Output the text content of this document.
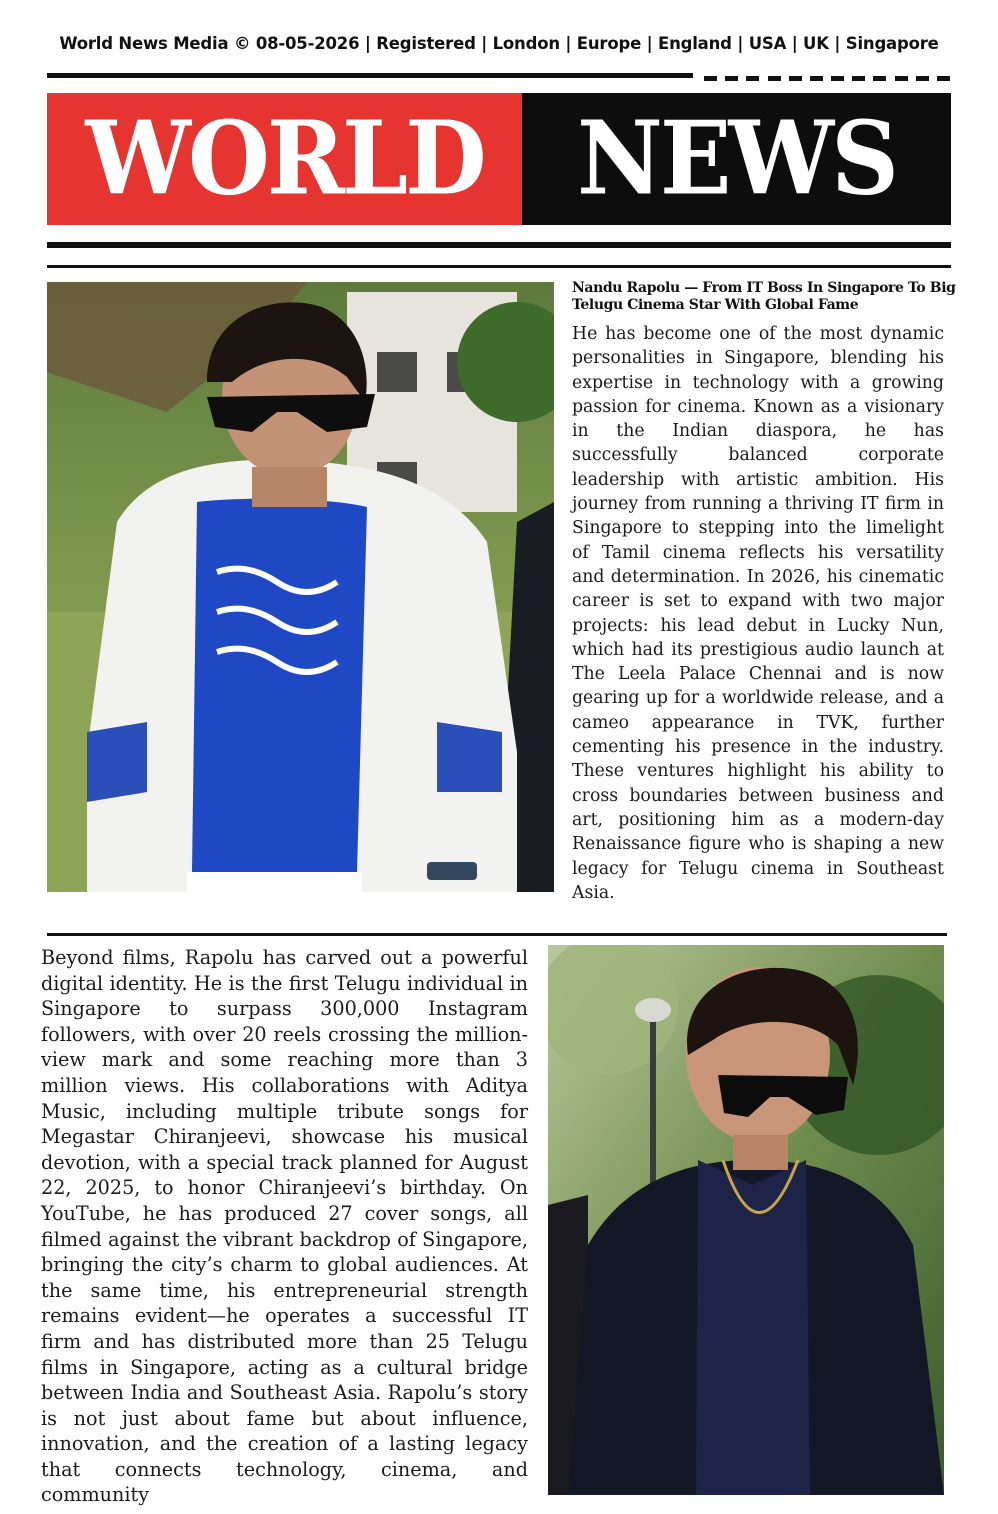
World News Media © 08-05-2026 | Registered | London | Europe | England | USA | UK | Singapore
WORLD NEWS
Nandu Rapolu — From IT Boss In Singapore To Big Telugu Cinema Star With Global Fame
He has become one of the most dynamic personalities in Singapore, blending his expertise in technology with a growing passion for cinema. Known as a visionary in the Indian diaspora, he has successfully balanced corporate leadership with artistic ambition. His journey from running a thriving IT firm in Singapore to stepping into the limelight of Tamil cinema reflects his versatility and determination. In 2026, his cinematic career is set to expand with two major projects: his lead debut in Lucky Nun, which had its prestigious audio launch at The Leela Palace Chennai and is now gearing up for a worldwide release, and a cameo appearance in TVK, further cementing his presence in the industry. These ventures highlight his ability to cross boundaries between business and art, positioning him as a modern-day Renaissance figure who is shaping a new legacy for Telugu cinema in Southeast Asia.
Beyond films, Rapolu has carved out a powerful digital identity. He is the first Telugu individual in Singapore to surpass 300,000 Instagram followers, with over 20 reels crossing the million-view mark and some reaching more than 3 million views. His collaborations with Aditya Music, including multiple tribute songs for Megastar Chiranjeevi, showcase his musical devotion, with a special track planned for August 22, 2025, to honor Chiranjeevi’s birthday. On YouTube, he has produced 27 cover songs, all filmed against the vibrant backdrop of Singapore, bringing the city’s charm to global audiences. At the same time, his entrepreneurial strength remains evident—he operates a successful IT firm and has distributed more than 25 Telugu films in Singapore, acting as a cultural bridge between India and Southeast Asia. Rapolu’s story is not just about fame but about influence, innovation, and the creation of a lasting legacy that connects technology, cinema, and community
